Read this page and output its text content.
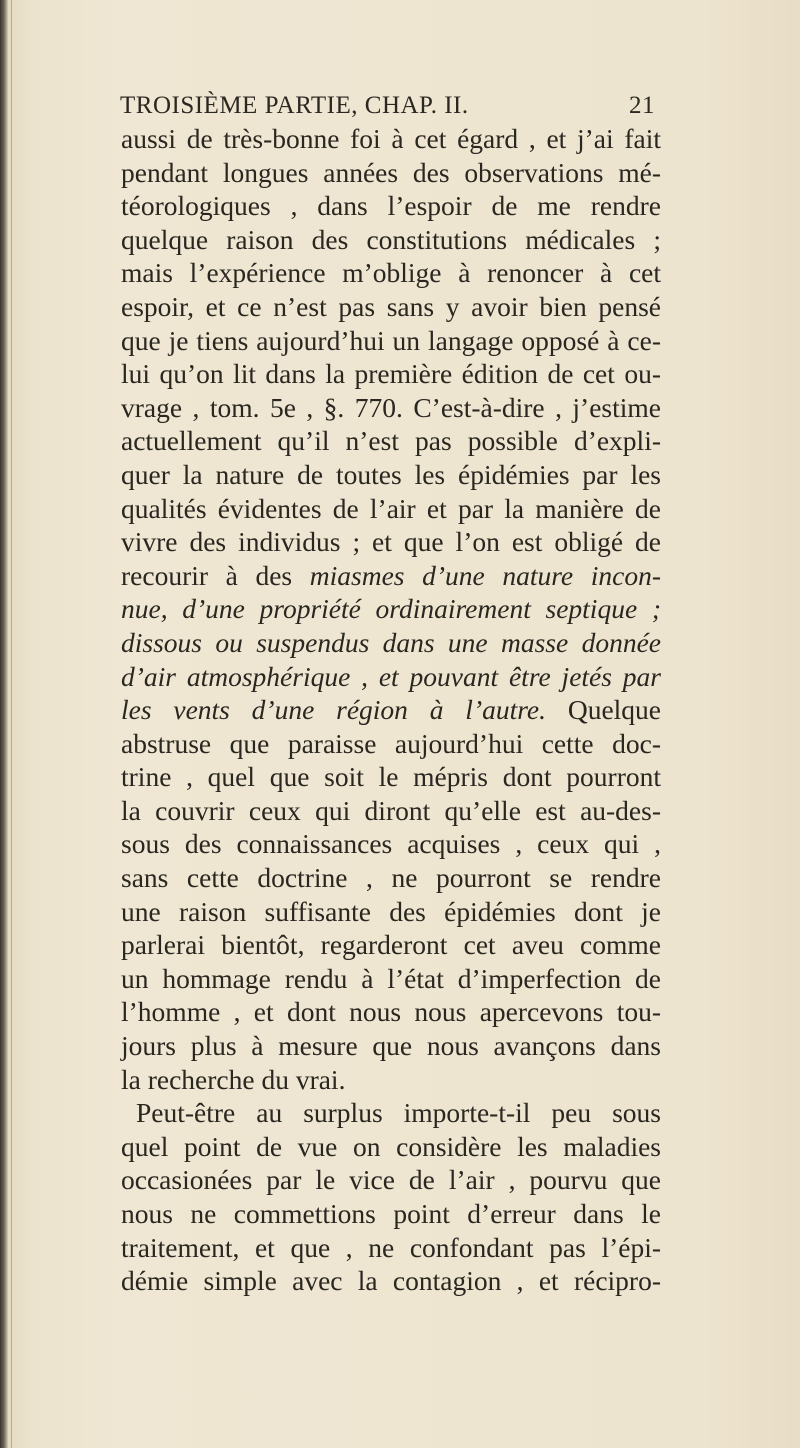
TROISIÈME PARTIE, CHAP. II.	21
aussi de très-bonne foi à cet égard , et j’ai fait
pendant longues années des observations mé-
téorologiques , dans l’espoir de me rendre
quelque raison des constitutions médicales ;
mais l’expérience m’oblige à renoncer à cet
espoir, et ce n’est pas sans y avoir bien pensé
que je tiens aujourd’hui un langage opposé à ce-
lui qu’on lit dans la première édition de cet ou-
vrage , tom. 5e , §. 770. C’est-à-dire , j’estime
actuellement qu’il n’est pas possible d’expli-
quer la nature de toutes les épidémies par les
qualités évidentes de l’air et par la manière de
vivre des individus ; et que l’on est obligé de
recourir à des miasmes d’une nature incon-
nue, d’une propriété ordinairement septique ;
dissous ou suspendus dans une masse donnée
d’air atmosphérique , et pouvant être jetés par
les vents d’une région à l’autre. Quelque
abstruse que paraisse aujourd’hui cette doc-
trine , quel que soit le mépris dont pourront
la couvrir ceux qui diront qu’elle est au-des-
sous des connaissances acquises , ceux qui ,
sans cette doctrine , ne pourront se rendre
une raison suffisante des épidémies dont je
parlerai bientôt, regarderont cet aveu comme
un hommage rendu à l’état d’imperfection de
l’homme , et dont nous nous apercevons tou-
jours plus à mesure que nous avançons dans
la recherche du vrai.
Peut-être au surplus importe-t-il peu sous
quel point de vue on considère les maladies
occasionées par le vice de l’air , pourvu que
nous ne commettions point d’erreur dans le
traitement, et que , ne confondant pas l’épi-
démie simple avec la contagion , et récipro-
